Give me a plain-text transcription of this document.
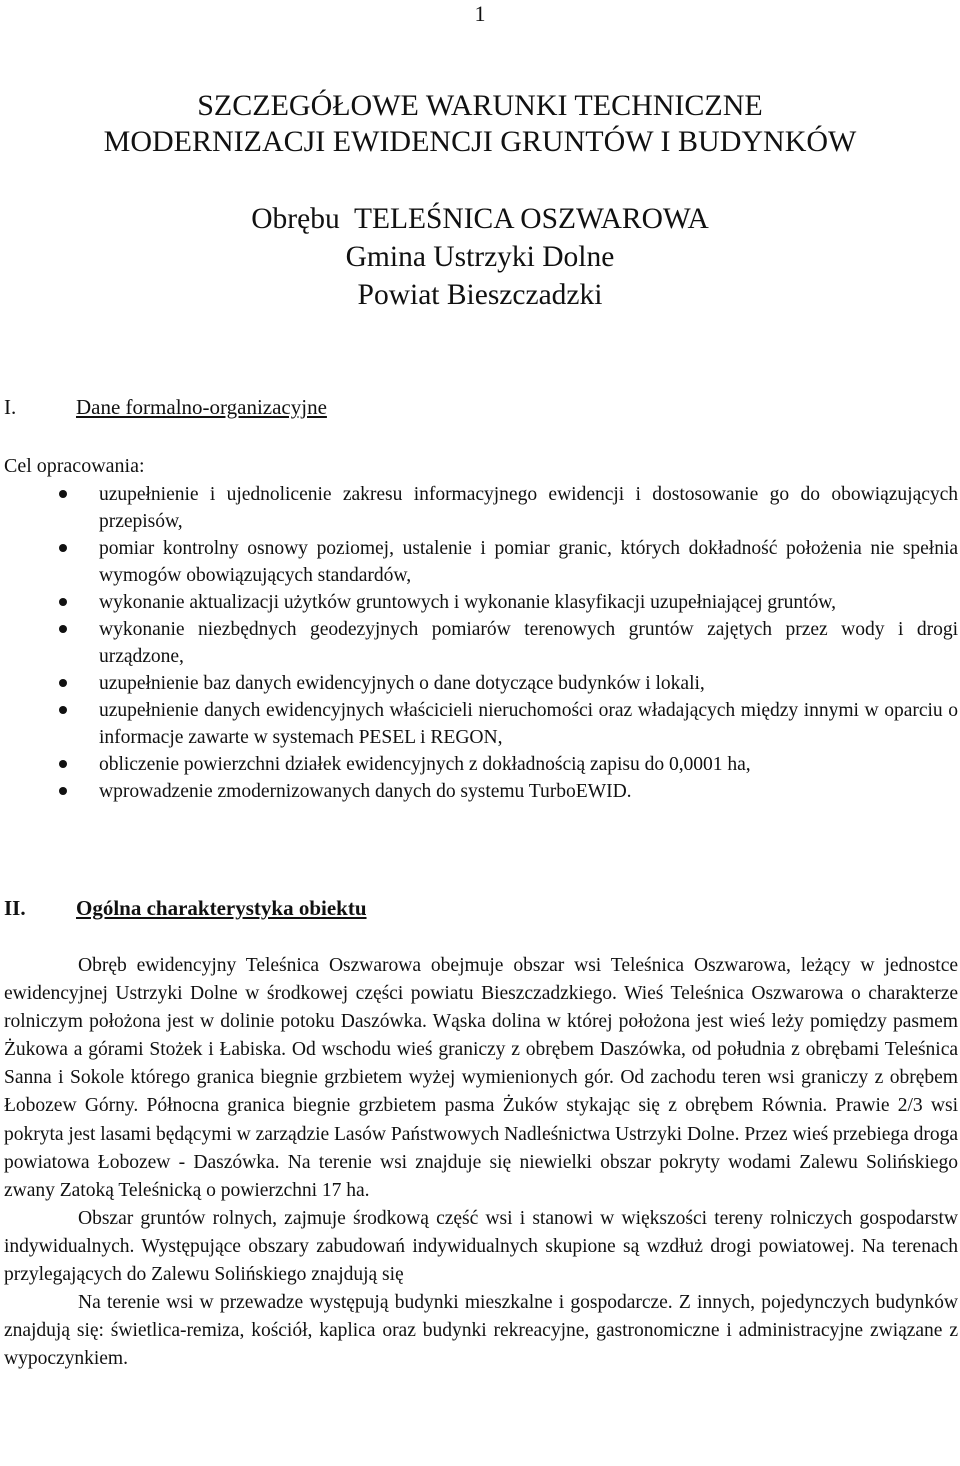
1
SZCZEGÓŁOWE WARUNKI TECHNICZNE
MODERNIZACJI EWIDENCJI GRUNTÓW I BUDYNKÓW
Obrębu  TELEŚNICA OSZWAROWA
Gmina Ustrzyki Dolne
Powiat Bieszczadzki
I.	Dane formalno-organizacyjne
Cel opracowania:
uzupełnienie i ujednolicenie zakresu informacyjnego ewidencji i dostosowanie go do obowiązujących przepisów,
pomiar kontrolny osnowy poziomej, ustalenie i pomiar granic, których dokładność położenia nie spełnia wymogów obowiązujących standardów,
wykonanie aktualizacji użytków gruntowych i wykonanie klasyfikacji uzupełniającej gruntów,
wykonanie niezbędnych geodezyjnych pomiarów terenowych gruntów zajętych przez wody i drogi urządzone,
uzupełnienie baz danych ewidencyjnych o dane dotyczące budynków i lokali,
uzupełnienie danych ewidencyjnych właścicieli nieruchomości oraz władających między innymi w oparciu o informacje zawarte w systemach PESEL i REGON,
obliczenie powierzchni działek ewidencyjnych z dokładnością zapisu do 0,0001 ha,
wprowadzenie zmodernizowanych danych do systemu TurboEWID.
II. Ogólna charakterystyka obiektu

Obręb ewidencyjny Teleśnica Oszwarowa obejmuje obszar wsi Teleśnica Oszwarowa, leżący w jednostce ewidencyjnej Ustrzyki Dolne w środkowej części powiatu Bieszczadzkiego. Wieś Teleśnica Oszwarowa o charakterze rolniczym położona jest w dolinie potoku Daszówka. Wąska dolina w której położona jest wieś leży pomiędzy pasmem Żukowa a górami Stożek i Łabiska. Od wschodu wieś graniczy z obrębem Daszówka, od południa z obrębami Teleśnica Sanna i Sokole którego granica biegnie grzbietem wyżej wymienionych gór. Od zachodu teren wsi graniczy z obrębem Łobozew Górny. Północna granica biegnie grzbietem pasma Żuków stykając się z obrębem Równia. Prawie 2/3 wsi pokryta jest lasami będącymi w zarządzie Lasów Państwowych Nadleśnictwa Ustrzyki Dolne. Przez wieś przebiega droga powiatowa Łobozew - Daszówka. Na terenie wsi znajduje się niewielki obszar pokryty wodami Zalewu Solińskiego zwany Zatoką Teleśnicką o powierzchni 17 ha.

Obszar gruntów rolnych, zajmuje środkową część wsi i stanowi w większości tereny rolniczych gospodarstw indywidualnych. Występujące obszary zabudowań indywidualnych skupione są wzdłuż drogi powiatowej. Na terenach przylegających do Zalewu Solińskiego znajdują się

Na terenie wsi w przewadze występują budynki mieszkalne i gospodarcze. Z innych, pojedynczych budynków znajdują się: świetlica-remiza, kościół, kaplica oraz budynki rekreacyjne, gastronomiczne i administracyjne związane z wypoczynkiem.
